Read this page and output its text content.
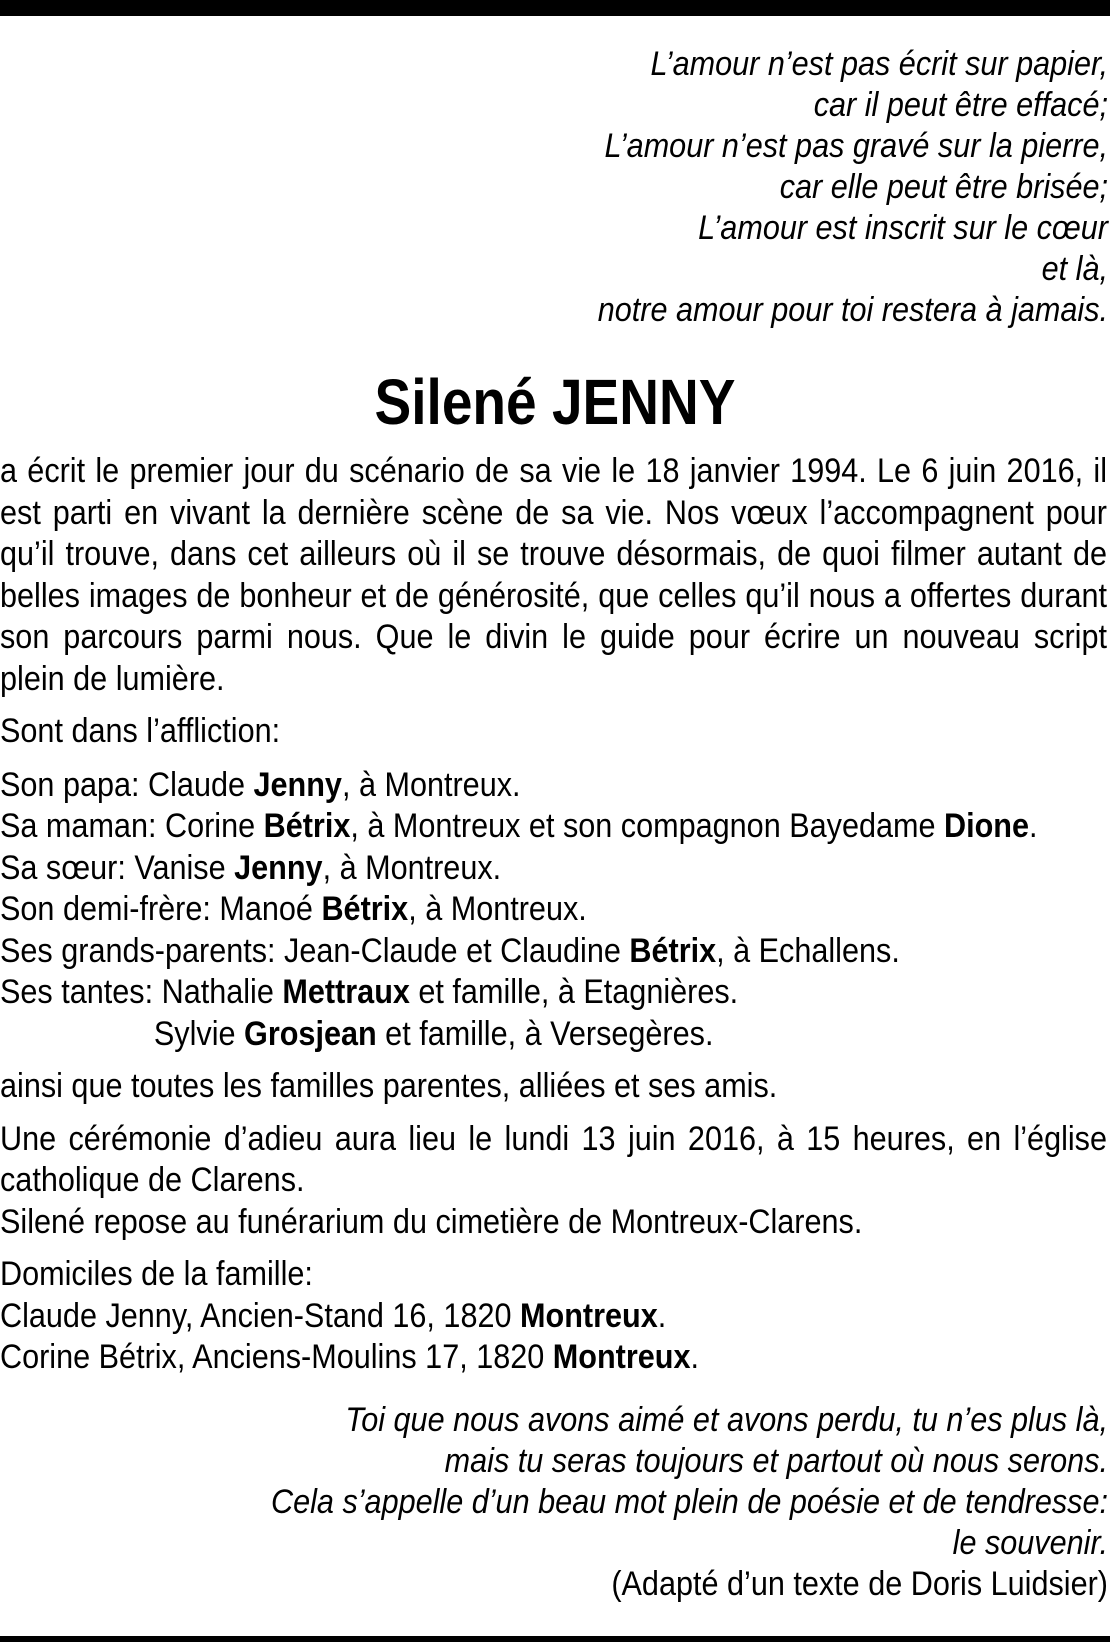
L’amour n’est pas écrit sur papier,
car il peut être effacé;
L’amour n’est pas gravé sur la pierre,
car elle peut être brisée;
L’amour est inscrit sur le cœur
et là,
notre amour pour toi restera à jamais.
Silené JENNY

a écrit le premier jour du scénario de sa vie le 18 janvier 1994. Le 6 juin 2016, il est parti en vivant la dernière scène de sa vie. Nos vœux l’accompagnent pour qu’il trouve, dans cet ailleurs où il se trouve désormais, de quoi filmer autant de belles images de bonheur et de générosité, que celles qu’il nous a offertes durant son parcours parmi nous. Que le divin le guide pour écrire un nouveau script plein de lumière.

Sont dans l’affliction:

Son papa: Claude Jenny, à Montreux.

Sa maman: Corine Bétrix, à Montreux et son compagnon Bayedame Dione.

Sa sœur: Vanise Jenny, à Montreux.

Son demi-frère: Manoé Bétrix, à Montreux.

Ses grands-parents: Jean-Claude et Claudine Bétrix, à Echallens.

Ses tantes: Nathalie Mettraux et famille, à Etagnières.

Sylvie Grosjean et famille, à Versegères.

ainsi que toutes les familles parentes, alliées et ses amis.

Une cérémonie d’adieu aura lieu le lundi 13 juin 2016, à 15 heures, en l’église catholique de Clarens.

Silené repose au funérarium du cimetière de Montreux-Clarens.

Domiciles de la famille:

Claude Jenny, Ancien-Stand 16, 1820 Montreux.

Corine Bétrix, Anciens-Moulins 17, 1820 Montreux.

Toi que nous avons aimé et avons perdu, tu n’es plus là,
mais tu seras toujours et partout où nous serons.
Cela s’appelle d’un beau mot plein de poésie et de tendresse:
le souvenir.
(Adapté d’un texte de Doris Luidsier)
